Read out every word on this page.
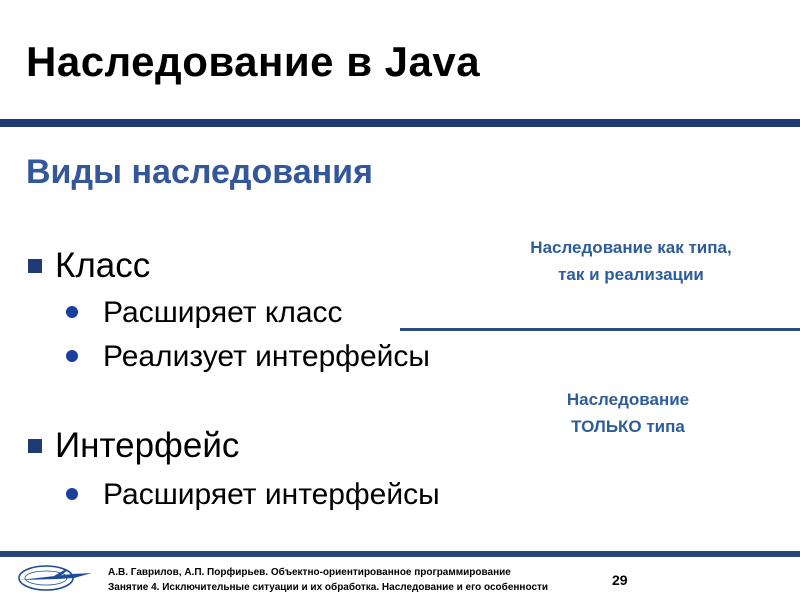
Наследование в Java
Виды наследования
Класс
Расширяет класс
Реализует интерфейсы
Интерфейс
Расширяет интерфейсы
Наследование как типа,
так и реализации
Наследование
ТОЛЬКО типа
А.В. Гаврилов, А.П. Порфирьев. Объектно-ориентированное программирование
Занятие 4. Исключительные ситуации и их обработка. Наследование и его особенности	29
